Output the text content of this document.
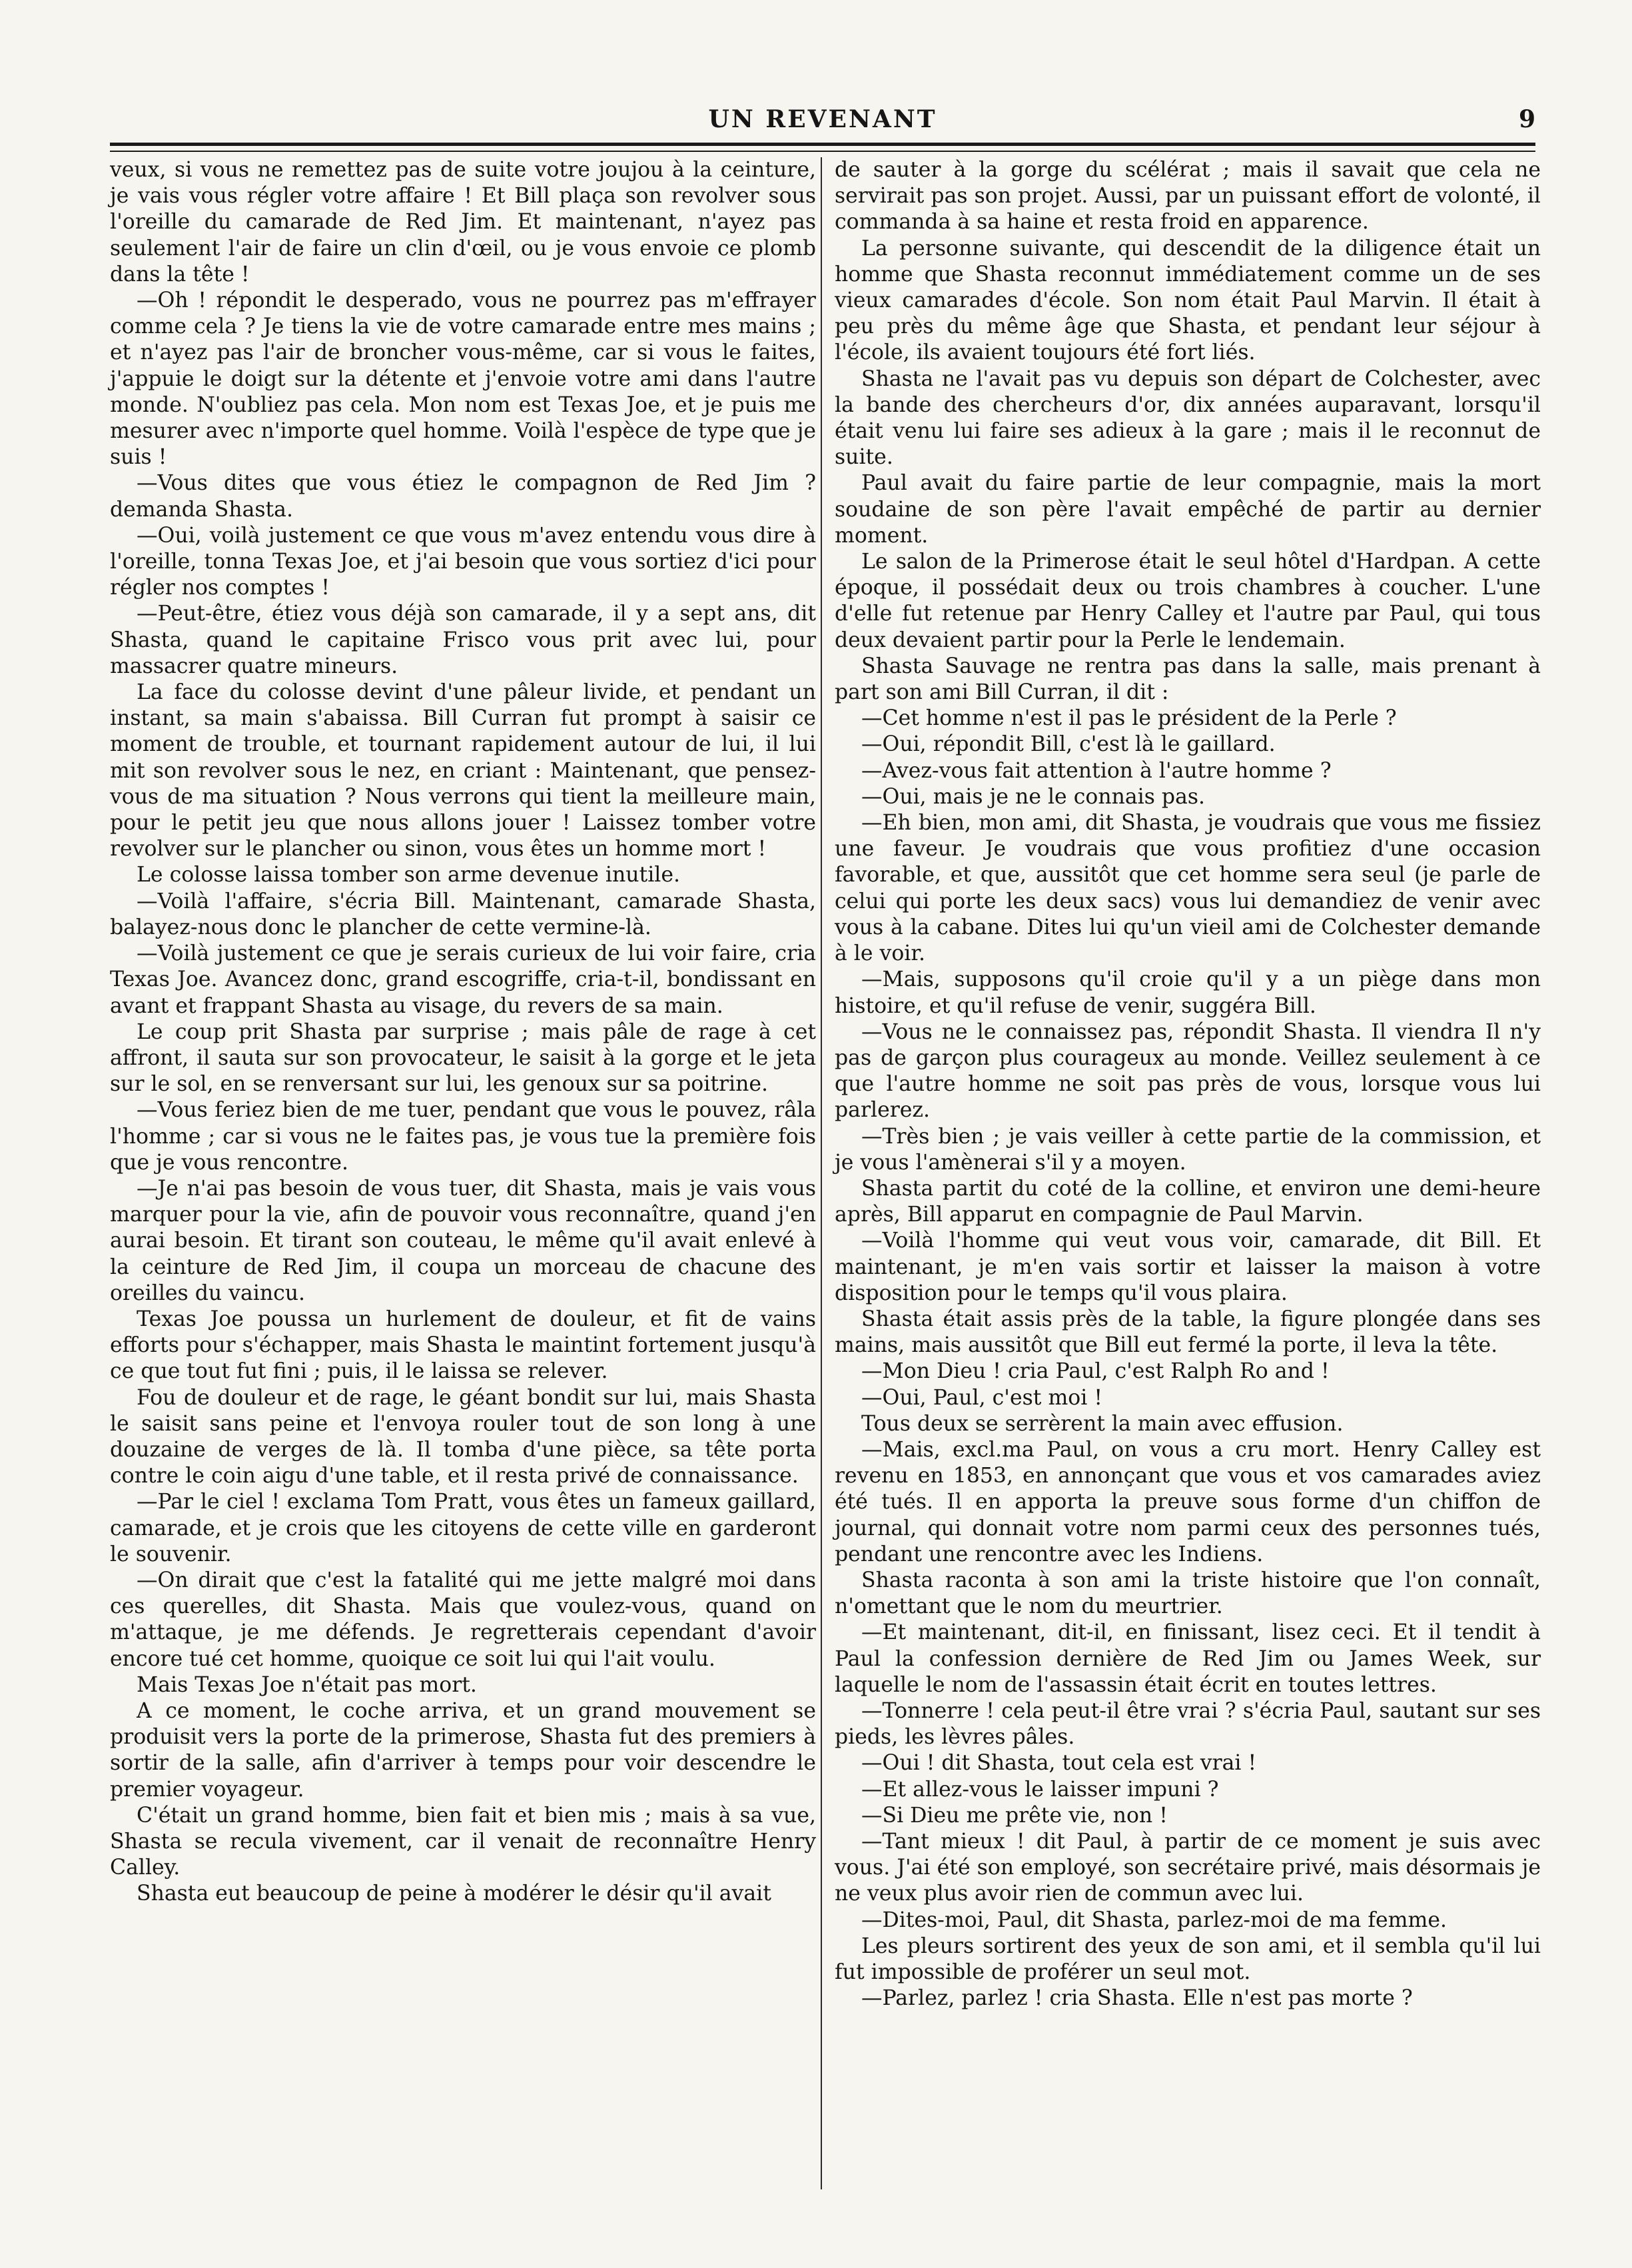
UN REVENANT	9

veux, si vous ne remettez pas de suite votre joujou à la ceinture, je vais vous régler votre affaire ! Et Bill plaça son revolver sous l'oreille du camarade de Red Jim. Et maintenant, n'ayez pas seulement l'air de faire un clin d'œil, ou je vous envoie ce plomb dans la tête !

—Oh ! répondit le desperado, vous ne pourrez pas m'effrayer comme cela ? Je tiens la vie de votre camarade entre mes mains ; et n'ayez pas l'air de broncher vous-même, car si vous le faites, j'appuie le doigt sur la détente et j'envoie votre ami dans l'autre monde. N'oubliez pas cela. Mon nom est Texas Joe, et je puis me mesurer avec n'importe quel homme. Voilà l'espèce de type que je suis !

—Vous dites que vous étiez le compagnon de Red Jim ? demanda Shasta.

—Oui, voilà justement ce que vous m'avez entendu vous dire à l'oreille, tonna Texas Joe, et j'ai besoin que vous sortiez d'ici pour régler nos comptes !

—Peut-être, étiez vous déjà son camarade, il y a sept ans, dit Shasta, quand le capitaine Frisco vous prit avec lui, pour massacrer quatre mineurs.

La face du colosse devint d'une pâleur livide, et pendant un instant, sa main s'abaissa. Bill Curran fut prompt à saisir ce moment de trouble, et tournant rapidement autour de lui, il lui mit son revolver sous le nez, en criant : Maintenant, que pensez-vous de ma situation ? Nous verrons qui tient la meilleure main, pour le petit jeu que nous allons jouer ! Laissez tomber votre revolver sur le plancher ou sinon, vous êtes un homme mort !

Le colosse laissa tomber son arme devenue inutile.

—Voilà l'affaire, s'écria Bill. Maintenant, camarade Shasta, balayez-nous donc le plancher de cette vermine-là.

—Voilà justement ce que je serais curieux de lui voir faire, cria Texas Joe. Avancez donc, grand escogriffe, cria-t-il, bondissant en avant et frappant Shasta au visage, du revers de sa main.

Le coup prit Shasta par surprise ; mais pâle de rage à cet affront, il sauta sur son provocateur, le saisit à la gorge et le jeta sur le sol, en se renversant sur lui, les genoux sur sa poitrine.

—Vous feriez bien de me tuer, pendant que vous le pouvez, râla l'homme ; car si vous ne le faites pas, je vous tue la première fois que je vous rencontre.

—Je n'ai pas besoin de vous tuer, dit Shasta, mais je vais vous marquer pour la vie, afin de pouvoir vous reconnaître, quand j'en aurai besoin. Et tirant son couteau, le même qu'il avait enlevé à la ceinture de Red Jim, il coupa un morceau de chacune des oreilles du vaincu.

Texas Joe poussa un hurlement de douleur, et fit de vains efforts pour s'échapper, mais Shasta le maintint fortement jusqu'à ce que tout fut fini ; puis, il le laissa se relever.

Fou de douleur et de rage, le géant bondit sur lui, mais Shasta le saisit sans peine et l'envoya rouler tout de son long à une douzaine de verges de là. Il tomba d'une pièce, sa tête porta contre le coin aigu d'une table, et il resta privé de connaissance.

—Par le ciel ! exclama Tom Pratt, vous êtes un fameux gaillard, camarade, et je crois que les citoyens de cette ville en garderont le souvenir.

—On dirait que c'est la fatalité qui me jette malgré moi dans ces querelles, dit Shasta. Mais que voulez-vous, quand on m'attaque, je me défends. Je regretterais cependant d'avoir encore tué cet homme, quoique ce soit lui qui l'ait voulu.

Mais Texas Joe n'était pas mort.

A ce moment, le coche arriva, et un grand mouvement se produisit vers la porte de la primerose, Shasta fut des premiers à sortir de la salle, afin d'arriver à temps pour voir descendre le premier voyageur.

C'était un grand homme, bien fait et bien mis ; mais à sa vue, Shasta se recula vivement, car il venait de reconnaître Henry Calley.

Shasta eut beaucoup de peine à modérer le désir qu'il avait

de sauter à la gorge du scélérat ; mais il savait que cela ne servirait pas son projet. Aussi, par un puissant effort de volonté, il commanda à sa haine et resta froid en apparence.

La personne suivante, qui descendit de la diligence était un homme que Shasta reconnut immédiatement comme un de ses vieux camarades d'école. Son nom était Paul Marvin. Il était à peu près du même âge que Shasta, et pendant leur séjour à l'école, ils avaient toujours été fort liés.

Shasta ne l'avait pas vu depuis son départ de Colchester, avec la bande des chercheurs d'or, dix années auparavant, lorsqu'il était venu lui faire ses adieux à la gare ; mais il le reconnut de suite.

Paul avait du faire partie de leur compagnie, mais la mort soudaine de son père l'avait empêché de partir au dernier moment.

Le salon de la Primerose était le seul hôtel d'Hardpan. A cette époque, il possédait deux ou trois chambres à coucher. L'une d'elle fut retenue par Henry Calley et l'autre par Paul, qui tous deux devaient partir pour la Perle le lendemain.

Shasta Sauvage ne rentra pas dans la salle, mais prenant à part son ami Bill Curran, il dit :

—Cet homme n'est il pas le président de la Perle ?

—Oui, répondit Bill, c'est là le gaillard.

—Avez-vous fait attention à l'autre homme ?

—Oui, mais je ne le connais pas.

—Eh bien, mon ami, dit Shasta, je voudrais que vous me fissiez une faveur. Je voudrais que vous profitiez d'une occasion favorable, et que, aussitôt que cet homme sera seul (je parle de celui qui porte les deux sacs) vous lui demandiez de venir avec vous à la cabane. Dites lui qu'un vieil ami de Colchester demande à le voir.

—Mais, supposons qu'il croie qu'il y a un piège dans mon histoire, et qu'il refuse de venir, suggéra Bill.

—Vous ne le connaissez pas, répondit Shasta. Il viendra Il n'y pas de garçon plus courageux au monde. Veillez seulement à ce que l'autre homme ne soit pas près de vous, lorsque vous lui parlerez.

—Très bien ; je vais veiller à cette partie de la commission, et je vous l'amènerai s'il y a moyen.

Shasta partit du coté de la colline, et environ une demi-heure après, Bill apparut en compagnie de Paul Marvin.

—Voilà l'homme qui veut vous voir, camarade, dit Bill. Et maintenant, je m'en vais sortir et laisser la maison à votre disposition pour le temps qu'il vous plaira.

Shasta était assis près de la table, la figure plongée dans ses mains, mais aussitôt que Bill eut fermé la porte, il leva la tête.

—Mon Dieu ! cria Paul, c'est Ralph Ro and !

—Oui, Paul, c'est moi !

Tous deux se serrèrent la main avec effusion.

—Mais, excl.ma Paul, on vous a cru mort. Henry Calley est revenu en 1853, en annonçant que vous et vos camarades aviez été tués. Il en apporta la preuve sous forme d'un chiffon de journal, qui donnait votre nom parmi ceux des personnes tués, pendant une rencontre avec les Indiens.

Shasta raconta à son ami la triste histoire que l'on connaît, n'omettant que le nom du meurtrier.

—Et maintenant, dit-il, en finissant, lisez ceci. Et il tendit à Paul la confession dernière de Red Jim ou James Week, sur laquelle le nom de l'assassin était écrit en toutes lettres.

—Tonnerre ! cela peut-il être vrai ? s'écria Paul, sautant sur ses pieds, les lèvres pâles.

—Oui ! dit Shasta, tout cela est vrai !

—Et allez-vous le laisser impuni ?

—Si Dieu me prête vie, non !

—Tant mieux ! dit Paul, à partir de ce moment je suis avec vous. J'ai été son employé, son secrétaire privé, mais désormais je ne veux plus avoir rien de commun avec lui.

—Dites-moi, Paul, dit Shasta, parlez-moi de ma femme.

Les pleurs sortirent des yeux de son ami, et il sembla qu'il lui fut impossible de proférer un seul mot.

—Parlez, parlez ! cria Shasta. Elle n'est pas morte ?
